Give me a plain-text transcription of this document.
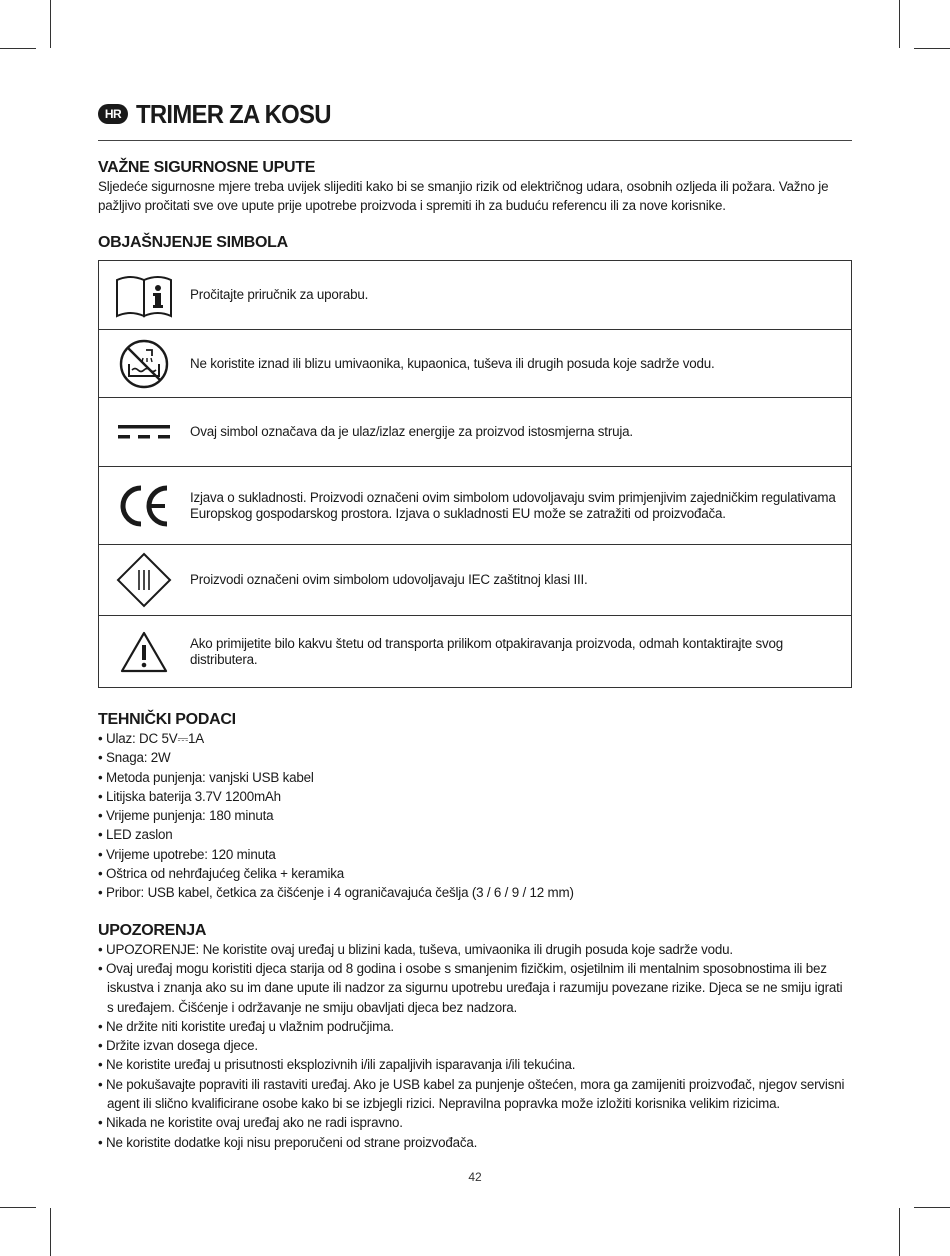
HR TRIMER ZA KOSU
VAŽNE SIGURNOSNE UPUTE

Sljedeće sigurnosne mjere treba uvijek slijediti kako bi se smanjio rizik od električnog udara, osobnih ozljeda ili požara. Važno je pažljivo pročitati sve ove upute prije upotrebe proizvoda i spremiti ih za buduću referencu ili za nove korisnike.

OBJAŠNJENJE SIMBOLA
	Pročitajte priručnik za uporabu.

	Ne koristite iznad ili blizu umivaonika, kupaonica, tuševa ili drugih posuda koje sadrže vodu.

	Ovaj simbol označava da je ulaz/izlaz energije za proizvod istosmjerna struja.

	Izjava o sukladnosti. Proizvodi označeni ovim simbolom udovoljavaju svim primjenjivim zajedničkim regulativama Europskog gospodarskog prostora. Izjava o sukladnosti EU može se zatražiti od proizvođača.

	Proizvodi označeni ovim simbolom udovoljavaju IEC zaštitnoj klasi III.

	Ako primijetite bilo kakvu štetu od transporta prilikom otpakiravanja proizvoda, odmah kontaktirajte svog distributera.
TEHNIČKI PODACI
• Ulaz: DC 5V⎓1A
• Snaga: 2W
• Metoda punjenja: vanjski USB kabel
• Litijska baterija 3.7V 1200mAh
• Vrijeme punjenja: 180 minuta
• LED zaslon
• Vrijeme upotrebe: 120 minuta
• Oštrica od nehrđajućeg čelika + keramika
• Pribor: USB kabel, četkica za čišćenje i 4 ograničavajuća češlja (3 / 6 / 9 / 12 mm)
UPOZORENJA
• UPOZORENJE: Ne koristite ovaj uređaj u blizini kada, tuševa, umivaonika ili drugih posuda koje sadrže vodu.
• Ovaj uređaj mogu koristiti djeca starija od 8 godina i osobe s smanjenim fizičkim, osjetilnim ili mentalnim sposobnostima ili bez iskustva i znanja ako su im dane upute ili nadzor za sigurnu upotrebu uređaja i razumiju povezane rizike. Djeca se ne smiju igrati s uređajem. Čišćenje i održavanje ne smiju obavljati djeca bez nadzora.
• Ne držite niti koristite uređaj u vlažnim područjima.
• Držite izvan dosega djece.
• Ne koristite uređaj u prisutnosti eksplozivnih i/ili zapaljivih isparavanja i/ili tekućina.
• Ne pokušavajte popraviti ili rastaviti uređaj. Ako je USB kabel za punjenje oštećen, mora ga zamijeniti proizvođač, njegov servisni agent ili slično kvalificirane osobe kako bi se izbjegli rizici. Nepravilna popravka može izložiti korisnika velikim rizicima.
• Nikada ne koristite ovaj uređaj ako ne radi ispravno.
• Ne koristite dodatke koji nisu preporučeni od strane proizvođača.
42
